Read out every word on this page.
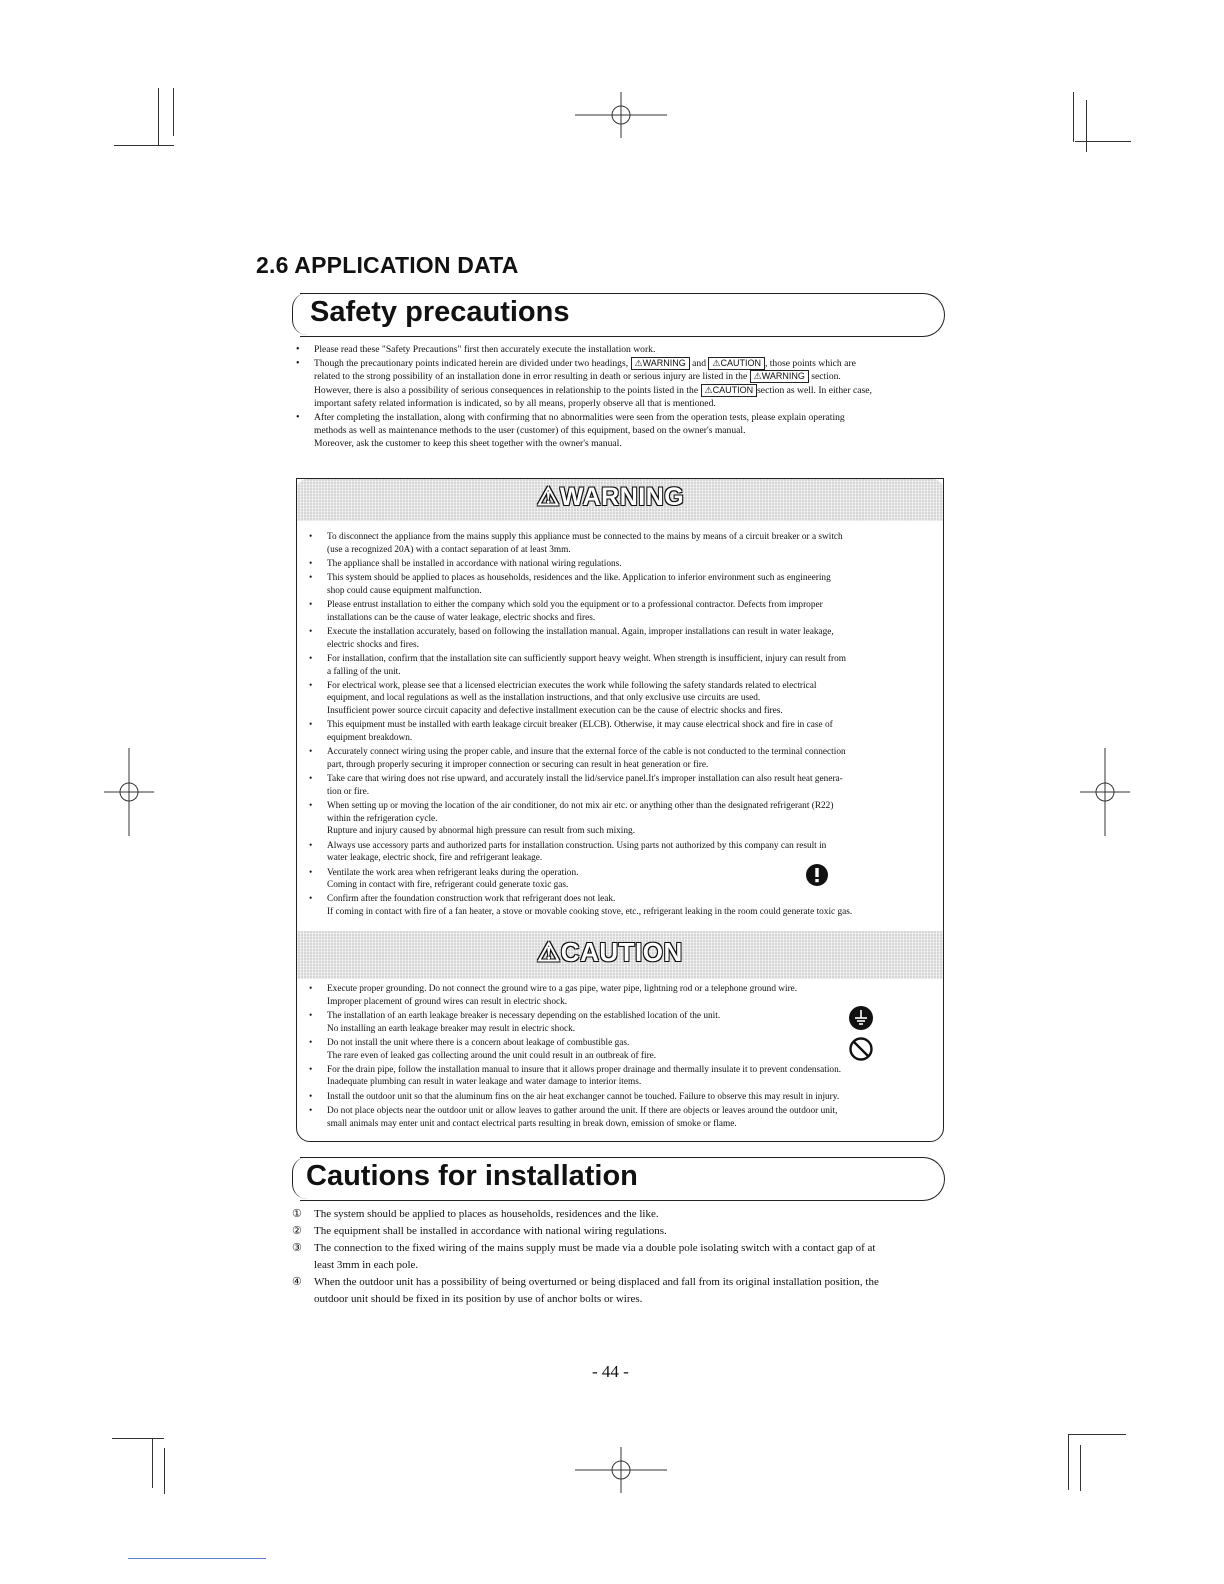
2.6 APPLICATION DATA
Safety precautions
• Please read these "Safety Precautions" first then accurately execute the installation work.
• Though the precautionary points indicated herein are divided under two headings, ⚠WARNING and ⚠CAUTION , those points which are
related to the strong possibility of an installation done in error resulting in death or serious injury are listed in the ⚠WARNING section.
However, there is also a possibility of serious consequences in relationship to the points listed in the ⚠CAUTION section as well. In either case,
important safety related information is indicated, so by all means, properly observe all that is mentioned.
• After completing the installation, along with confirming that no abnormalities were seen from the operation tests, please explain operating
methods as well as maintenance methods to the user (customer) of this equipment, based on the owner's manual.
Moreover, ask the customer to keep this sheet together with the owner's manual.
⚠WARNING
• To disconnect the appliance from the mains supply this appliance must be connected to the mains by means of a circuit breaker or a switch
(use a recognized 20A) with a contact separation of at least 3mm.
• The appliance shall be installed in accordance with national wiring regulations.
• This system should be applied to places as households, residences and the like. Application to inferior environment such as engineering
shop could cause equipment malfunction.
• Please entrust installation to either the company which sold you the equipment or to a professional contractor. Defects from improper
installations can be the cause of water leakage, electric shocks and fires.
• Execute the installation accurately, based on following the installation manual. Again, improper installations can result in water leakage,
electric shocks and fires.
• For installation, confirm that the installation site can sufficiently support heavy weight. When strength is insufficient, injury can result from
a falling of the unit.
• For electrical work, please see that a licensed electrician executes the work while following the safety standards related to electrical
equipment, and local regulations as well as the installation instructions, and that only exclusive use circuits are used.
Insufficient power source circuit capacity and defective installment execution can be the cause of electric shocks and fires.
• This equipment must be installed with earth leakage circuit breaker (ELCB). Otherwise, it may cause electrical shock and fire in case of
equipment breakdown.
• Accurately connect wiring using the proper cable, and insure that the external force of the cable is not conducted to the terminal connection
part, through properly securing it improper connection or securing can result in heat generation or fire.
• Take care that wiring does not rise upward, and accurately install the lid/service panel.It's improper installation can also result heat genera-
tion or fire.
• When setting up or moving the location of the air conditioner, do not mix air etc. or anything other than the designated refrigerant (R22)
within the refrigeration cycle.
Rupture and injury caused by abnormal high pressure can result from such mixing.
• Always use accessory parts and authorized parts for installation construction. Using parts not authorized by this company can result in
water leakage, electric shock, fire and refrigerant leakage.
• Ventilate the work area when refrigerant leaks during the operation.
Coming in contact with fire, refrigerant could generate toxic gas.
• Confirm after the foundation construction work that refrigerant does not leak.
If coming in contact with fire of a fan heater, a stove or movable cooking stove, etc., refrigerant leaking in the room could generate toxic gas.
⚠CAUTION
• Execute proper grounding. Do not connect the ground wire to a gas pipe, water pipe, lightning rod or a telephone ground wire.
Improper placement of ground wires can result in electric shock.
• The installation of an earth leakage breaker is necessary depending on the established location of the unit.
No installing an earth leakage breaker may result in electric shock.
• Do not install the unit where there is a concern about leakage of combustible gas.
The rare even of leaked gas collecting around the unit could result in an outbreak of fire.
• For the drain pipe, follow the installation manual to insure that it allows proper drainage and thermally insulate it to prevent condensation.
Inadequate plumbing can result in water leakage and water damage to interior items.
• Install the outdoor unit so that the aluminum fins on the air heat exchanger cannot be touched. Failure to observe this may result in injury.
• Do not place objects near the outdoor unit or allow leaves to gather around the unit. If there are objects or leaves around the outdoor unit,
small animals may enter unit and contact electrical parts resulting in break down, emission of smoke or flame.
Cautions for installation
① The system should be applied to places as households, residences and the like.
② The equipment shall be installed in accordance with national wiring regulations.
③ The connection to the fixed wiring of the mains supply must be made via a double pole isolating switch with a contact gap of at
least 3mm in each pole.
④ When the outdoor unit has a possibility of being overturned or being displaced and fall from its original installation position, the
outdoor unit should be fixed in its position by use of anchor bolts or wires.
- 44 -
